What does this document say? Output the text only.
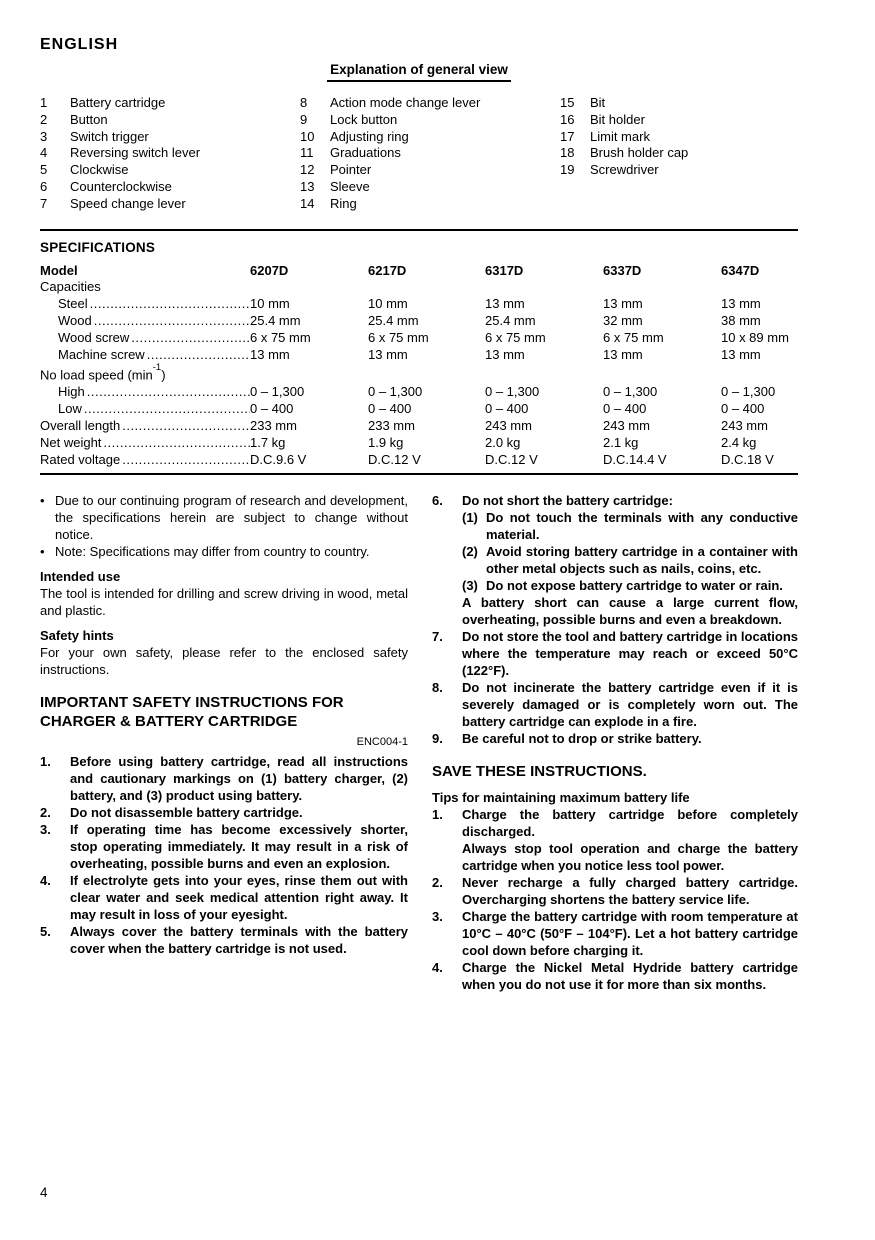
ENGLISH
Explanation of general view
1	Battery cartridge
2	Button
3	Switch trigger
4	Reversing switch lever
5	Clockwise
6	Counterclockwise
7	Speed change lever
8	Action mode change lever
9	Lock button
10	Adjusting ring
11	Graduations
12	Pointer
13	Sleeve
14	Ring
15	Bit
16	Bit holder
17	Limit mark
18	Brush holder cap
19	Screwdriver
SPECIFICATIONS
Model	6207D	6217D	6317D	6337D	6347D
Capacities
Steel .....	10 mm	10 mm	13 mm	13 mm	13 mm
Wood .....	25.4 mm	25.4 mm	25.4 mm	32 mm	38 mm
Wood screw .....	6 x 75 mm	6 x 75 mm	6 x 75 mm	6 x 75 mm	10 x 89 mm
Machine screw .....	13 mm	13 mm	13 mm	13 mm	13 mm
No load speed $(\min^{-1})$
High .....	0 – 1,300	0 – 1,300	0 – 1,300	0 – 1,300	0 – 1,300
Low .....	0 – 400	0 – 400	0 – 400	0 – 400	0 – 400
Overall length .....	233 mm	233 mm	243 mm	243 mm	243 mm
Net weight .....	1.7 kg	1.9 kg	2.0 kg	2.1 kg	2.4 kg
Rated voltage .....	D.C.9.6 V	D.C.12 V	D.C.12 V	D.C.14.4 V	D.C.18 V
• Due to our continuing program of research and development, the specifications herein are subject to change without notice.
• Note: Specifications may differ from country to country.
Intended use
The tool is intended for drilling and screw driving in wood, metal and plastic.
Safety hints
For your own safety, please refer to the enclosed safety instructions.
IMPORTANT SAFETY INSTRUCTIONS FOR CHARGER & BATTERY CARTRIDGE
ENC004-1
1.	Before using battery cartridge, read all instructions and cautionary markings on (1) battery charger, (2) battery, and (3) product using battery.
2.	Do not disassemble battery cartridge.
3.	If operating time has become excessively shorter, stop operating immediately. It may result in a risk of overheating, possible burns and even an explosion.
4.	If electrolyte gets into your eyes, rinse them out with clear water and seek medical attention right away. It may result in loss of your eyesight.
5.	Always cover the battery terminals with the battery cover when the battery cartridge is not used.
6.	Do not short the battery cartridge:
(1) Do not touch the terminals with any conductive material.
(2) Avoid storing battery cartridge in a container with other metal objects such as nails, coins, etc.
(3) Do not expose battery cartridge to water or rain.
A battery short can cause a large current flow, overheating, possible burns and even a breakdown.
7.	Do not store the tool and battery cartridge in locations where the temperature may reach or exceed 50°C (122°F).
8.	Do not incinerate the battery cartridge even if it is severely damaged or is completely worn out. The battery cartridge can explode in a fire.
9.	Be careful not to drop or strike battery.
SAVE THESE INSTRUCTIONS.
Tips for maintaining maximum battery life
1.	Charge the battery cartridge before completely discharged.
Always stop tool operation and charge the battery cartridge when you notice less tool power.
2.	Never recharge a fully charged battery cartridge. Overcharging shortens the battery service life.
3.	Charge the battery cartridge with room temperature at 10°C – 40°C (50°F – 104°F). Let a hot battery cartridge cool down before charging it.
4.	Charge the Nickel Metal Hydride battery cartridge when you do not use it for more than six months.
4
